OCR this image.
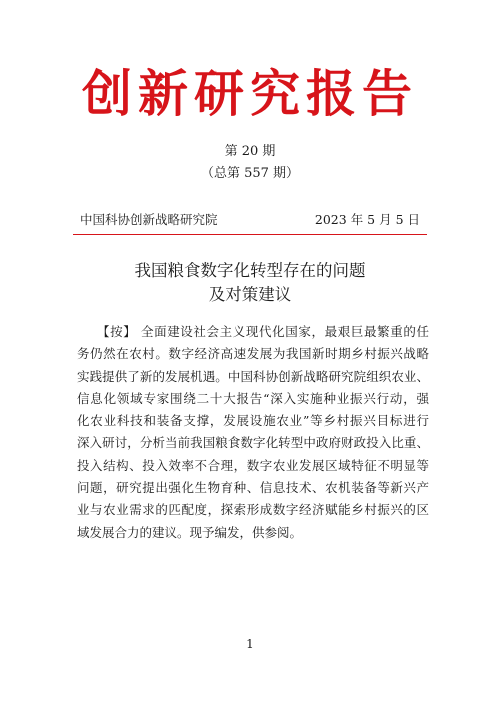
创新研究报告
第 20 期
（总第 557 期）
中国科协创新战略研究院	2023 年 5 月 5 日
我国粮食数字化转型存在的问题
及对策建议
　　【按】 全面建设社会主义现代化国家，最艰巨最繁重的任
务仍然在农村。数字经济高速发展为我国新时期乡村振兴战略
实践提供了新的发展机遇。中国科协创新战略研究院组织农业、
信息化领域专家围绕二十大报告“深入实施种业振兴行动，强
化农业科技和装备支撑，发展设施农业”等乡村振兴目标进行
深入研讨，分析当前我国粮食数字化转型中政府财政投入比重、
投入结构、投入效率不合理，数字农业发展区域特征不明显等
问题，研究提出强化生物育种、信息技术、农机装备等新兴产
业与农业需求的匹配度，探索形成数字经济赋能乡村振兴的区
域发展合力的建议。现予编发，供参阅。
1
